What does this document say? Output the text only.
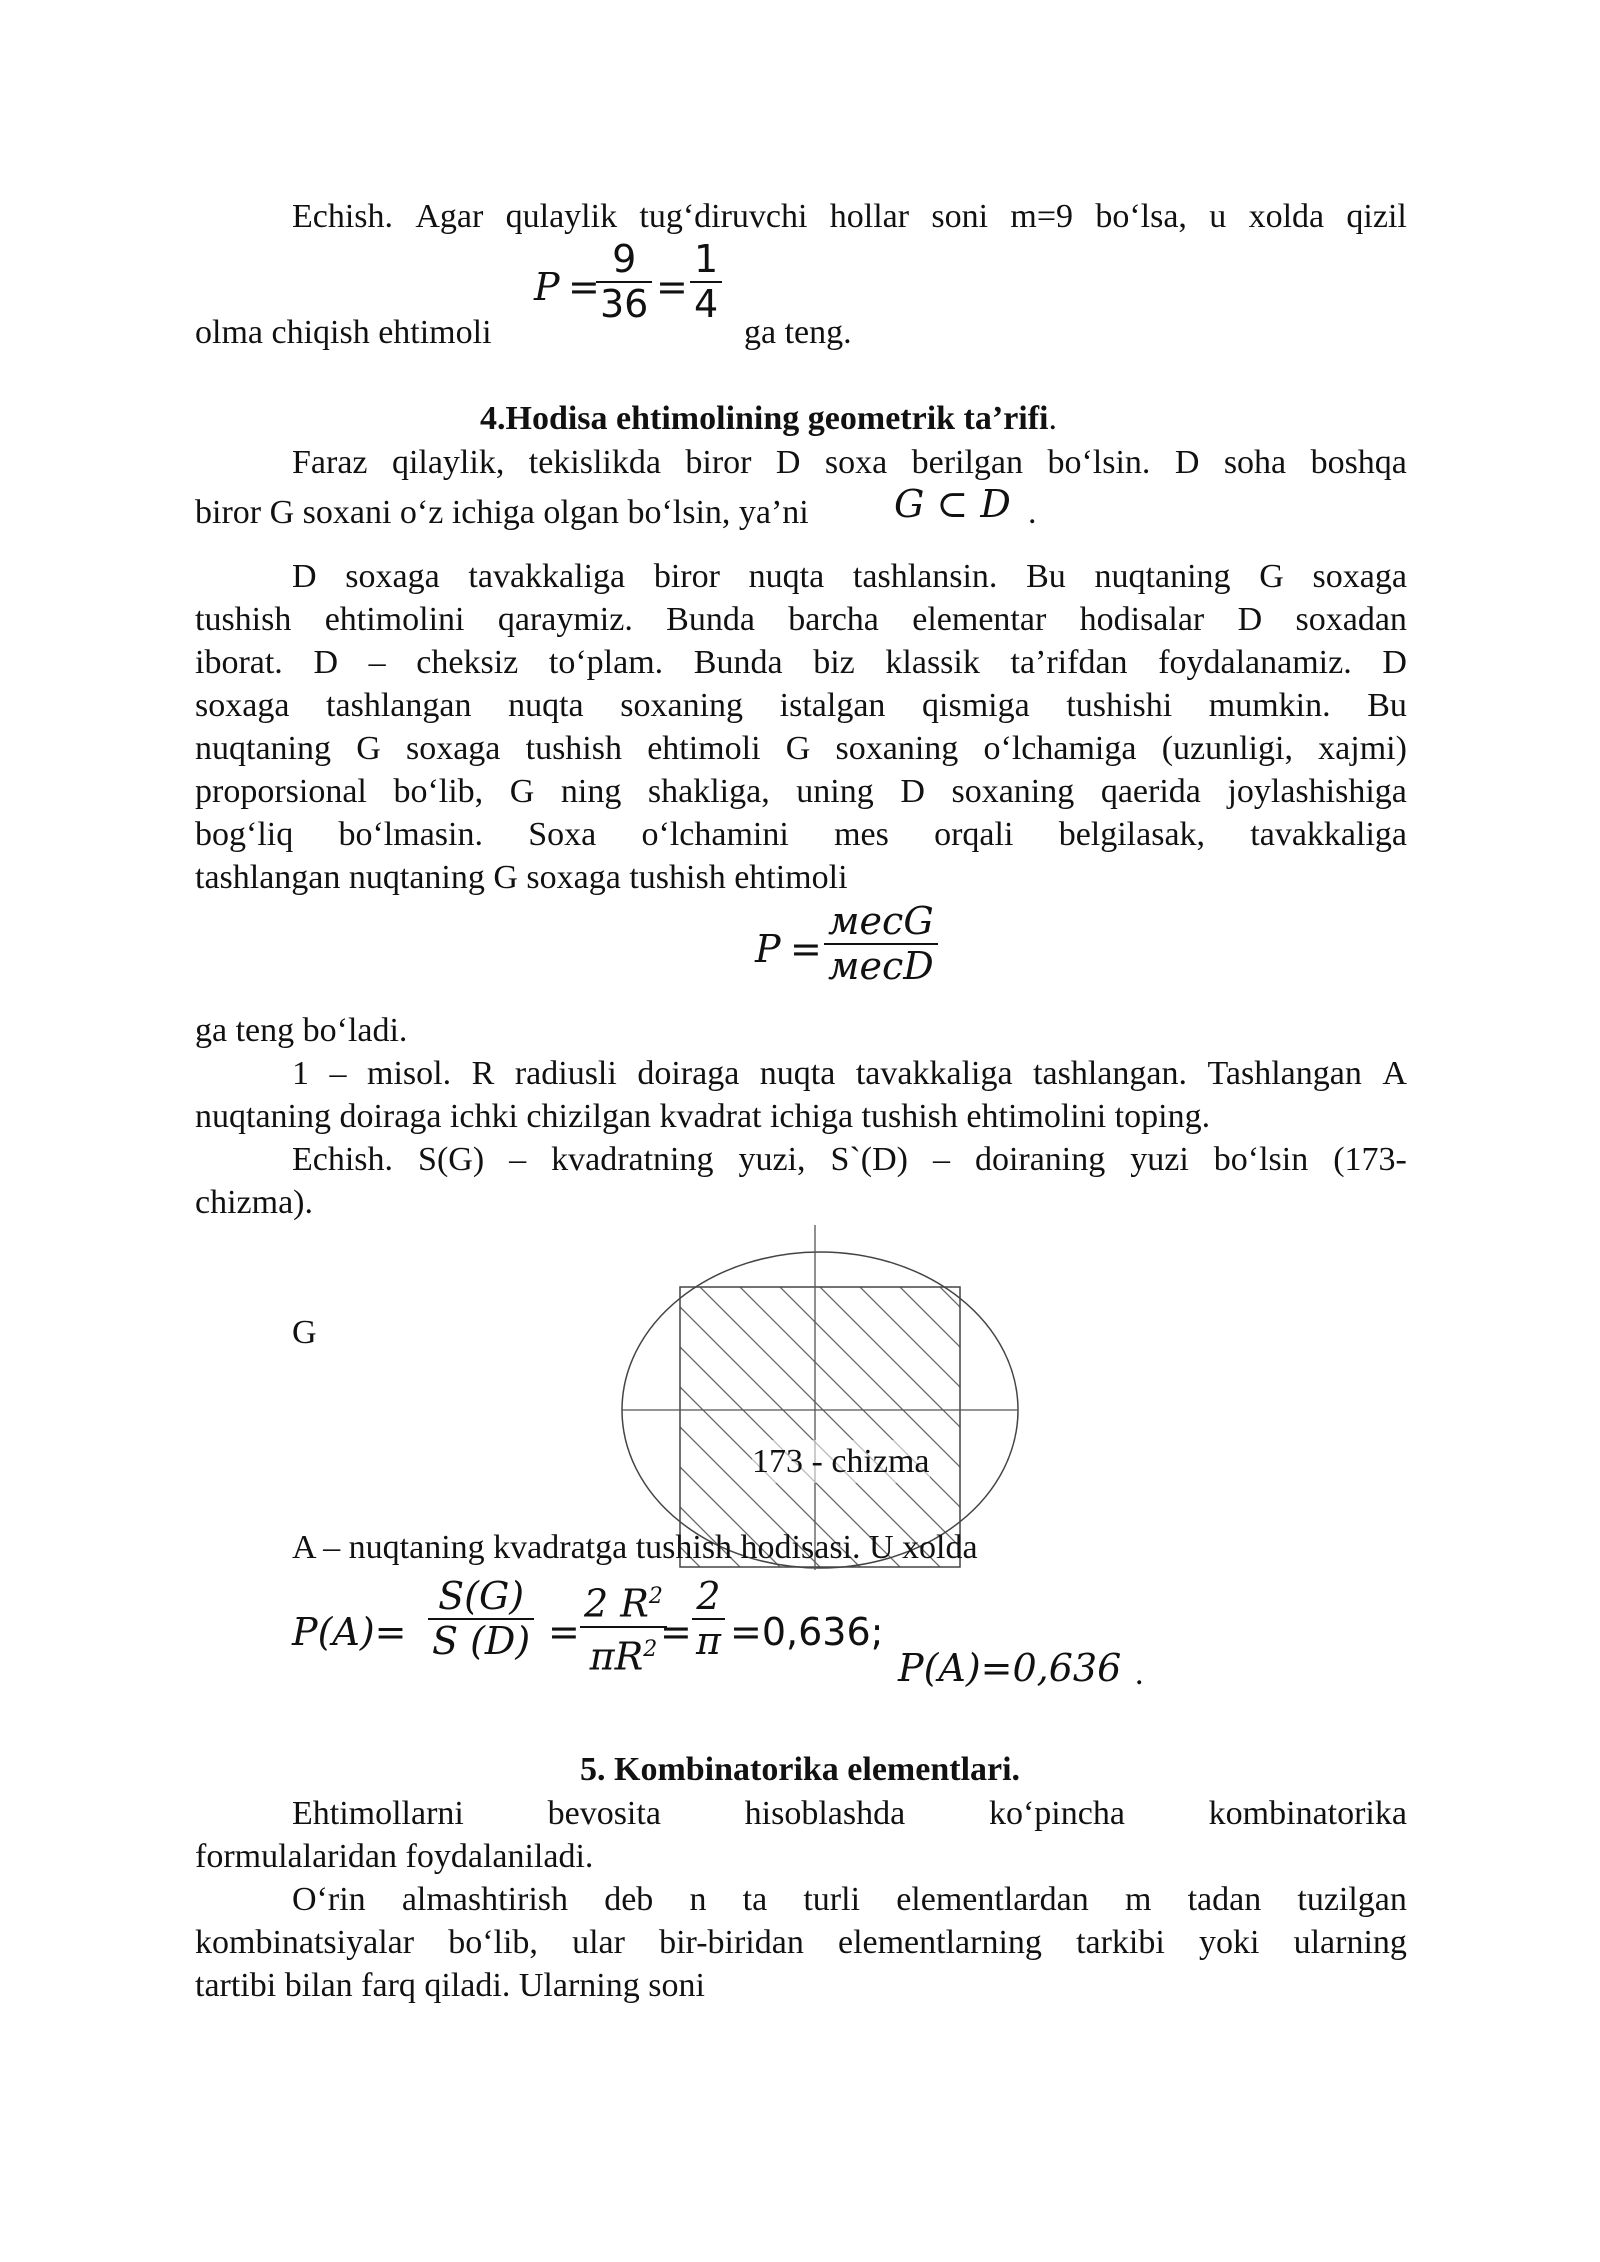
Echish. Agar qulaylik tug‘diruvchi hollar soni m=9 bo‘lsa, u xolda qizil
olma chiqish ehtimoli
P =
9
36 =
1
4
ga teng.
4.Hodisa ehtimolining geometrik ta’rifi.
Faraz qilaylik, tekislikda biror D soxa berilgan bo‘lsin. D soha boshqa
biror G soxani o‘z ichiga olgan bo‘lsin, ya’ni G ⊂ D .
D soxaga tavakkaliga biror nuqta tashlansin. Bu nuqtaning G soxaga
tushish ehtimolini qaraymiz. Bunda barcha elementar hodisalar D soxadan
iborat. D – cheksiz to‘plam. Bunda biz klassik ta’rifdan foydalanamiz. D
soxaga tashlangan nuqta soxaning istalgan qismiga tushishi mumkin. Bu
nuqtaning G soxaga tushish ehtimoli G soxaning o‘lchamiga (uzunligi, xajmi)
proporsional bo‘lib, G ning shakliga, uning D soxaning qaerida joylashishiga
bog‘liq bo‘lmasin. Soxa o‘lchamini mes orqali belgilasak, tavakkaliga
tashlangan nuqtaning G soxaga tushish ehtimoli
P =
месG
месD
ga teng bo‘ladi.
1 – misol. R radiusli doiraga nuqta tavakkaliga tashlangan. Tashlangan A
nuqtaning doiraga ichki chizilgan kvadrat ichiga tushish ehtimolini toping.
Echish. S(G) – kvadratning yuzi, S`(D) – doiraning yuzi bo‘lsin (173-
chizma).
G
173 - chizma
A – nuqtaning kvadratga tushish hodisasi. U xolda
P(A)=
S(G)
S (D) =
2 $R^2$
$\pi R^2$ =
2
π =0,636;
P(A)=0,636 .
5. Kombinatorika elementlari.
Ehtimollarni bevosita hisoblashda ko‘pincha kombinatorika
formulalaridan foydalaniladi.
O‘rin almashtirish deb n ta turli elementlardan m tadan tuzilgan
kombinatsiyalar bo‘lib, ular bir-biridan elementlarning tarkibi yoki ularning
tartibi bilan farq qiladi. Ularning soni
